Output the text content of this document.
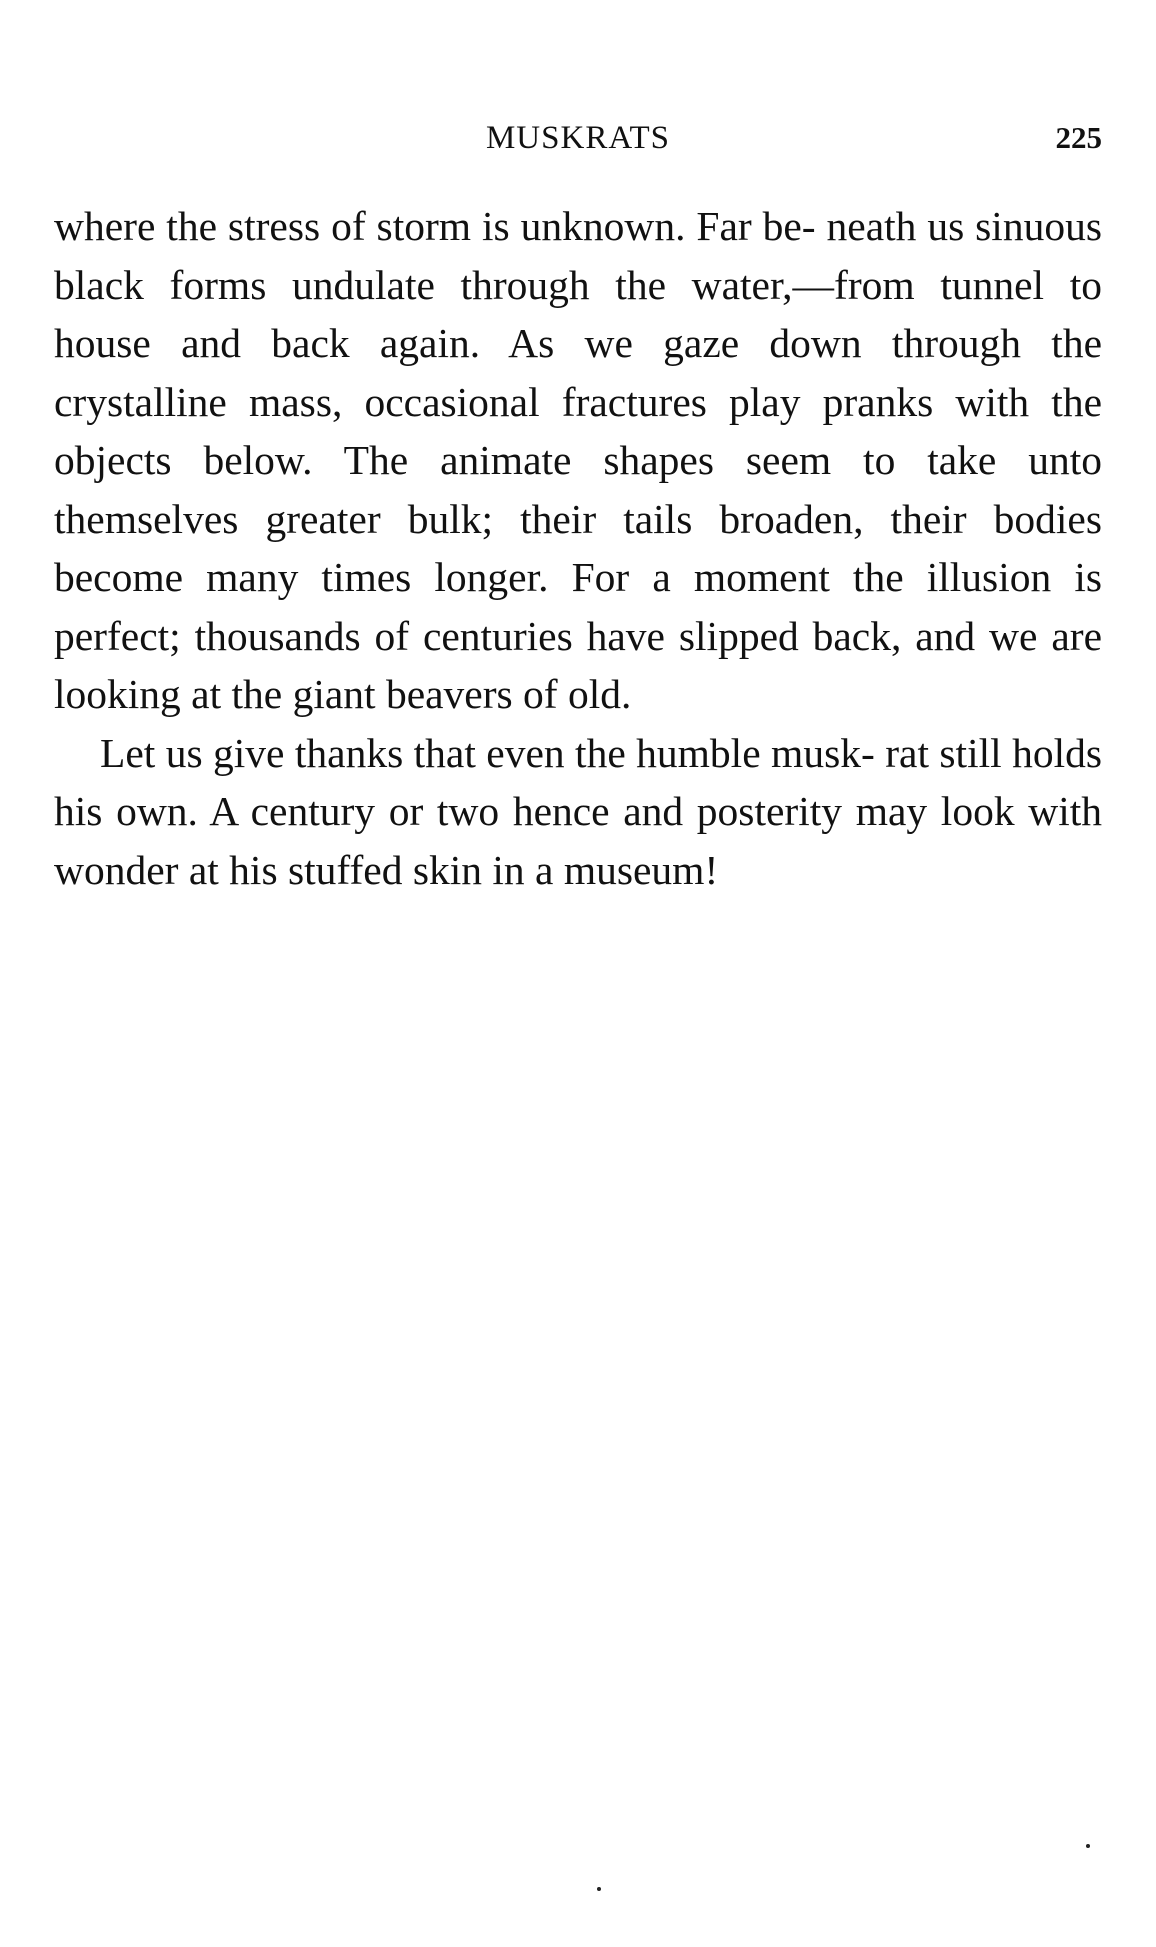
MUSKRATS	225

where the stress of storm is unknown. Far be- neath us sinuous black forms undulate through the water,—from tunnel to house and back again. As we gaze down through the crystalline mass, occasional fractures play pranks with the objects below. The animate shapes seem to take unto themselves greater bulk; their tails broaden, their bodies become many times longer. For a moment the illusion is perfect; thousands of centuries have slipped back, and we are looking at the giant beavers of old.

Let us give thanks that even the humble musk- rat still holds his own. A century or two hence and posterity may look with wonder at his stuffed skin in a museum!
